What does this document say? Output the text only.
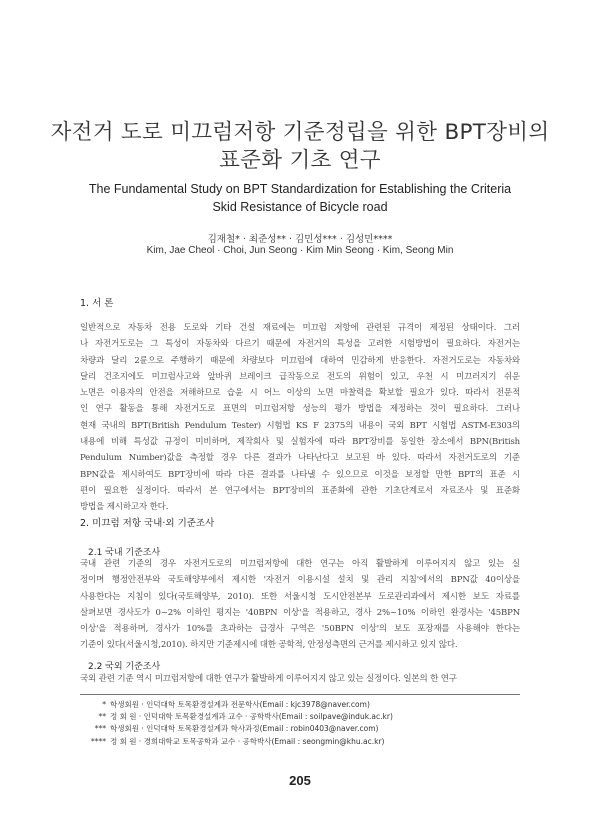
자전거 도로 미끄럼저항 기준정립을 위한 BPT장비의
표준화 기초 연구
The Fundamental Study on BPT Standardization for Establishing the Criteria
Skid Resistance of Bicycle road
김재철* · 최준성** · 김민성*** · 김성민****
Kim, Jae Cheol · Choi, Jun Seong · Kim Min Seong · Kim, Seong Min
1. 서 론
일반적으로 자동차 전용 도로와 기타 건설 재료에는 미끄럼 저항에 관련된 규격이 제정된 상태이다. 그러
나 자전거도로는 그 특성이 자동차와 다르기 때문에 자전거의 특성을 고려한 시험방법이 필요하다. 자전거는
차량과 달리 2륜으로 주행하기 때문에 차량보다 미끄럼에 대하여 민감하게 반응한다. 자전거도로는 자동차와
달리 건조지에도 미끄럼사고와 앞바퀴 브레이크 급작동으로 전도의 위험이 있고, 우천 시 미끄러지기 쉬운
노면은 이용자의 안전을 저해하므로 습윤 시 어느 이상의 노면 마찰력을 확보할 필요가 있다. 따라서 전문적
인 연구 활동을 통해 자전거도로 표면의 미끄럼저항 성능의 평가 방법을 제정하는 것이 필요하다. 그러나
현재 국내의 BPT(British Pendulum Tester) 시험법 KS F 2375의 내용이 국외 BPT 시험법 ASTM-E303의
내용에 비해 특성값 규정이 미비하며, 제작회사 및 실험자에 따라 BPT장비를 동일한 장소에서 BPN(British
Pendulum Number)값을 측정할 경우 다른 결과가 나타난다고 보고된 바 있다. 따라서 자전거도로의 기준
BPN값을 제시하여도 BPT장비에 따라 다른 결과를 나타낼 수 있으므로 이것을 보정할 만한 BPT의 표준 시
편이 필요한 실정이다. 따라서 본 연구에서는 BPT장비의 표준화에 관한 기초단계로서 자료조사 및 표준화
방법을 제시하고자 한다.
2. 미끄럼 저항 국내·외 기준조사
2.1 국내 기준조사
국내 관련 기준의 경우 자전거도로의 미끄럼저항에 대한 연구는 아직 활발하게 이루어지지 않고 있는 실
정이며 행정안전부와 국토해양부에서 제시한 '자전거 이용시설 설치 및 관리 지침'에서의 BPN값 40이상을
사용한다는 지침이 있다(국토해양부, 2010). 또한 서울시청 도시안전본부 도로관리과에서 제시한 보도 자료를
살펴보면 경사도가 0~2% 이하인 평지는 '40BPN 이상'을 적용하고, 경사 2%~10% 이하인 완경사는 '45BPN
이상'을 적용하며, 경사가 10%를 초과하는 급경사 구역은 '50BPN 이상'의 보도 포장재를 사용해야 한다는
기준이 있다(서울시청,2010). 하지만 기준제시에 대한 공학적, 안정성측면의 근거를 제시하고 있지 않다.
2.2 국외 기준조사
국외 관련 기준 역시 미끄럼저항에 대한 연구가 활발하게 이루어지지 않고 있는 실정이다. 일본의 한 연구
* 학생회원 · 인덕대학 토목환경설계과 전문학사(Email : kjc3978@naver.com)
** 정 회 원 · 인덕대학 토목환경설계과 교수 · 공학박사(Email : soilpave@induk.ac.kr)
*** 학생회원 · 인덕대학 토목환경설계과 학사과정(Email : robin0403@naver.com)
**** 정 회 원 · 경희대학교 토목공학과 교수 · 공학박사(Email : seongmin@khu.ac.kr)
205
